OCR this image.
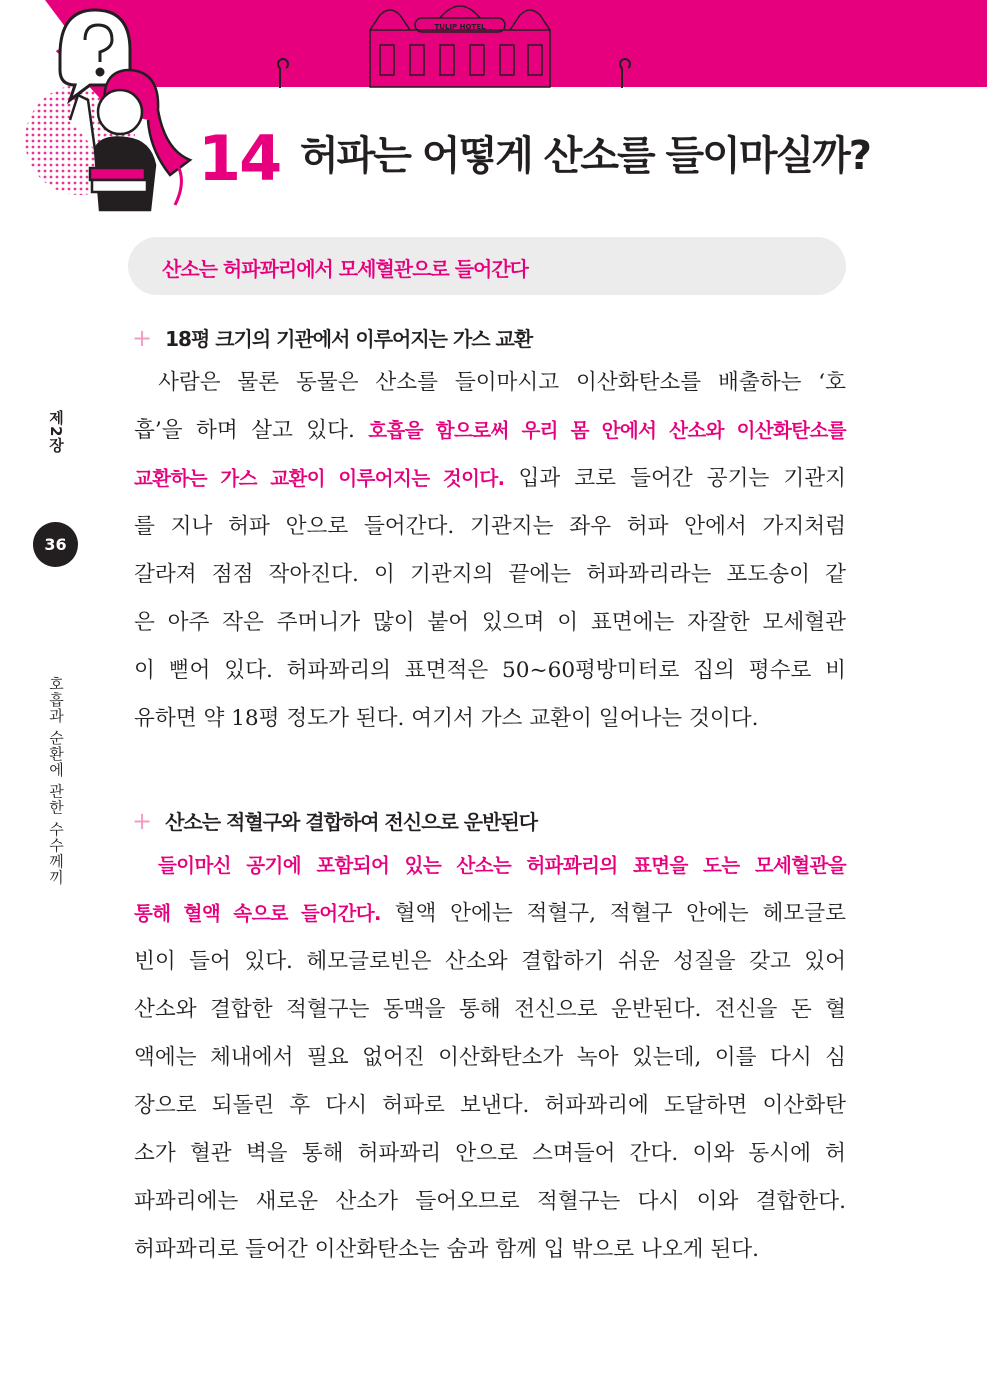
TULIP HOTEL
14 허파는 어떻게 산소를 들이마실까?
산소는 허파꽈리에서 모세혈관으로 들어간다
제2장
36
호흡과 순환에 관한 수수께끼
+ 18평 크기의 기관에서 이루어지는 가스 교환
사람은 물론 동물은 산소를 들이마시고 이산화탄소를 배출하는 ‘호
흡’을 하며 살고 있다. 호흡을 함으로써 우리 몸 안에서 산소와 이산화탄소를
교환하는 가스 교환이 이루어지는 것이다. 입과 코로 들어간 공기는 기관지
를 지나 허파 안으로 들어간다. 기관지는 좌우 허파 안에서 가지처럼
갈라져 점점 작아진다. 이 기관지의 끝에는 허파꽈리라는 포도송이 같
은 아주 작은 주머니가 많이 붙어 있으며 이 표면에는 자잘한 모세혈관
이 뻗어 있다. 허파꽈리의 표면적은 50~60평방미터로 집의 평수로 비
유하면 약 18평 정도가 된다. 여기서 가스 교환이 일어나는 것이다.
+ 산소는 적혈구와 결합하여 전신으로 운반된다
들이마신 공기에 포함되어 있는 산소는 허파꽈리의 표면을 도는 모세혈관을
통해 혈액 속으로 들어간다. 혈액 안에는 적혈구, 적혈구 안에는 헤모글로
빈이 들어 있다. 헤모글로빈은 산소와 결합하기 쉬운 성질을 갖고 있어
산소와 결합한 적혈구는 동맥을 통해 전신으로 운반된다. 전신을 돈 혈
액에는 체내에서 필요 없어진 이산화탄소가 녹아 있는데, 이를 다시 심
장으로 되돌린 후 다시 허파로 보낸다. 허파꽈리에 도달하면 이산화탄
소가 혈관 벽을 통해 허파꽈리 안으로 스며들어 간다. 이와 동시에 허
파꽈리에는 새로운 산소가 들어오므로 적혈구는 다시 이와 결합한다.
허파꽈리로 들어간 이산화탄소는 숨과 함께 입 밖으로 나오게 된다.
